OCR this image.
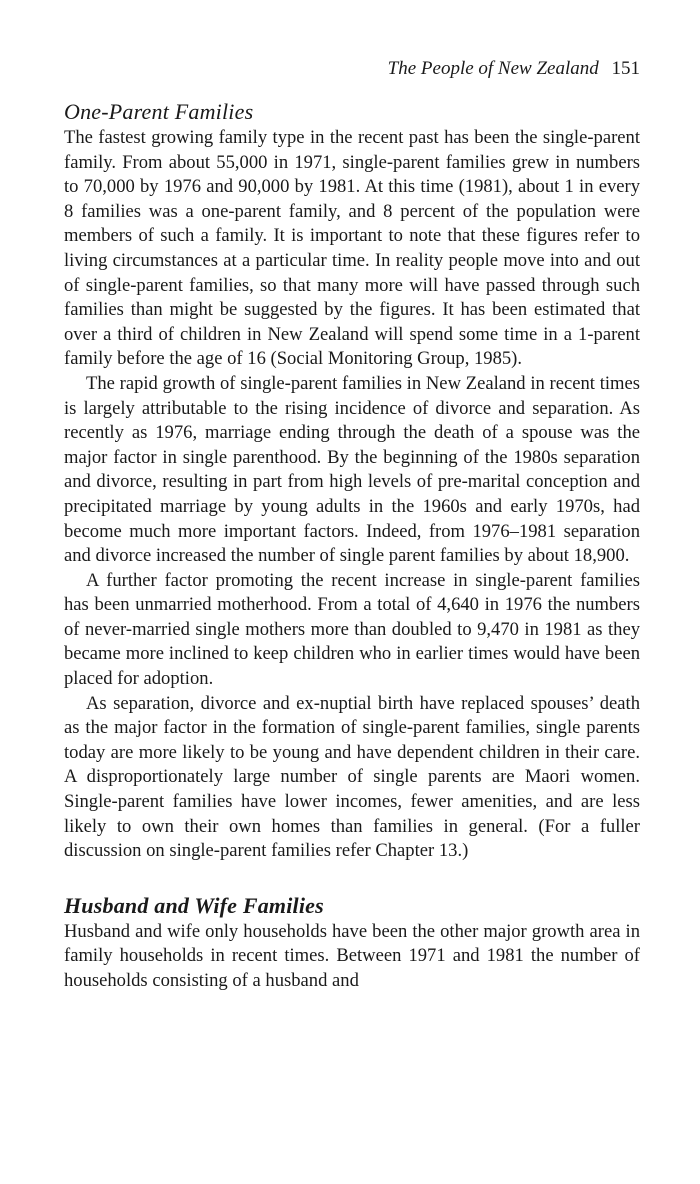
The People of New Zealand 151
One-Parent Families

The fastest growing family type in the recent past has been the single-parent family. From about 55,000 in 1971, single-parent families grew in numbers to 70,000 by 1976 and 90,000 by 1981. At this time (1981), about 1 in every 8 families was a one-parent family, and 8 percent of the population were members of such a family. It is important to note that these figures refer to living circumstances at a particular time. In reality people move into and out of single-parent families, so that many more will have passed through such families than might be suggested by the figures. It has been estimated that over a third of children in New Zealand will spend some time in a 1-parent family before the age of 16 (Social Monitoring Group, 1985).

The rapid growth of single-parent families in New Zealand in recent times is largely attributable to the rising incidence of divorce and separation. As recently as 1976, marriage ending through the death of a spouse was the major factor in single parenthood. By the beginning of the 1980s separation and divorce, resulting in part from high levels of pre-marital conception and precipitated marriage by young adults in the 1960s and early 1970s, had become much more important factors. Indeed, from 1976–1981 separation and divorce increased the number of single parent families by about 18,900.

A further factor promoting the recent increase in single-parent families has been unmarried motherhood. From a total of 4,640 in 1976 the numbers of never-married single mothers more than doubled to 9,470 in 1981 as they became more inclined to keep children who in earlier times would have been placed for adoption.

As separation, divorce and ex-nuptial birth have replaced spouses’ death as the major factor in the formation of single-parent families, single parents today are more likely to be young and have dependent children in their care. A disproportionately large number of single parents are Maori women. Single-parent families have lower incomes, fewer amenities, and are less likely to own their own homes than families in general. (For a fuller discussion on single-parent families refer Chapter 13.)

Husband and Wife Families

Husband and wife only households have been the other major growth area in family households in recent times. Between 1971 and 1981 the number of households consisting of a husband and
